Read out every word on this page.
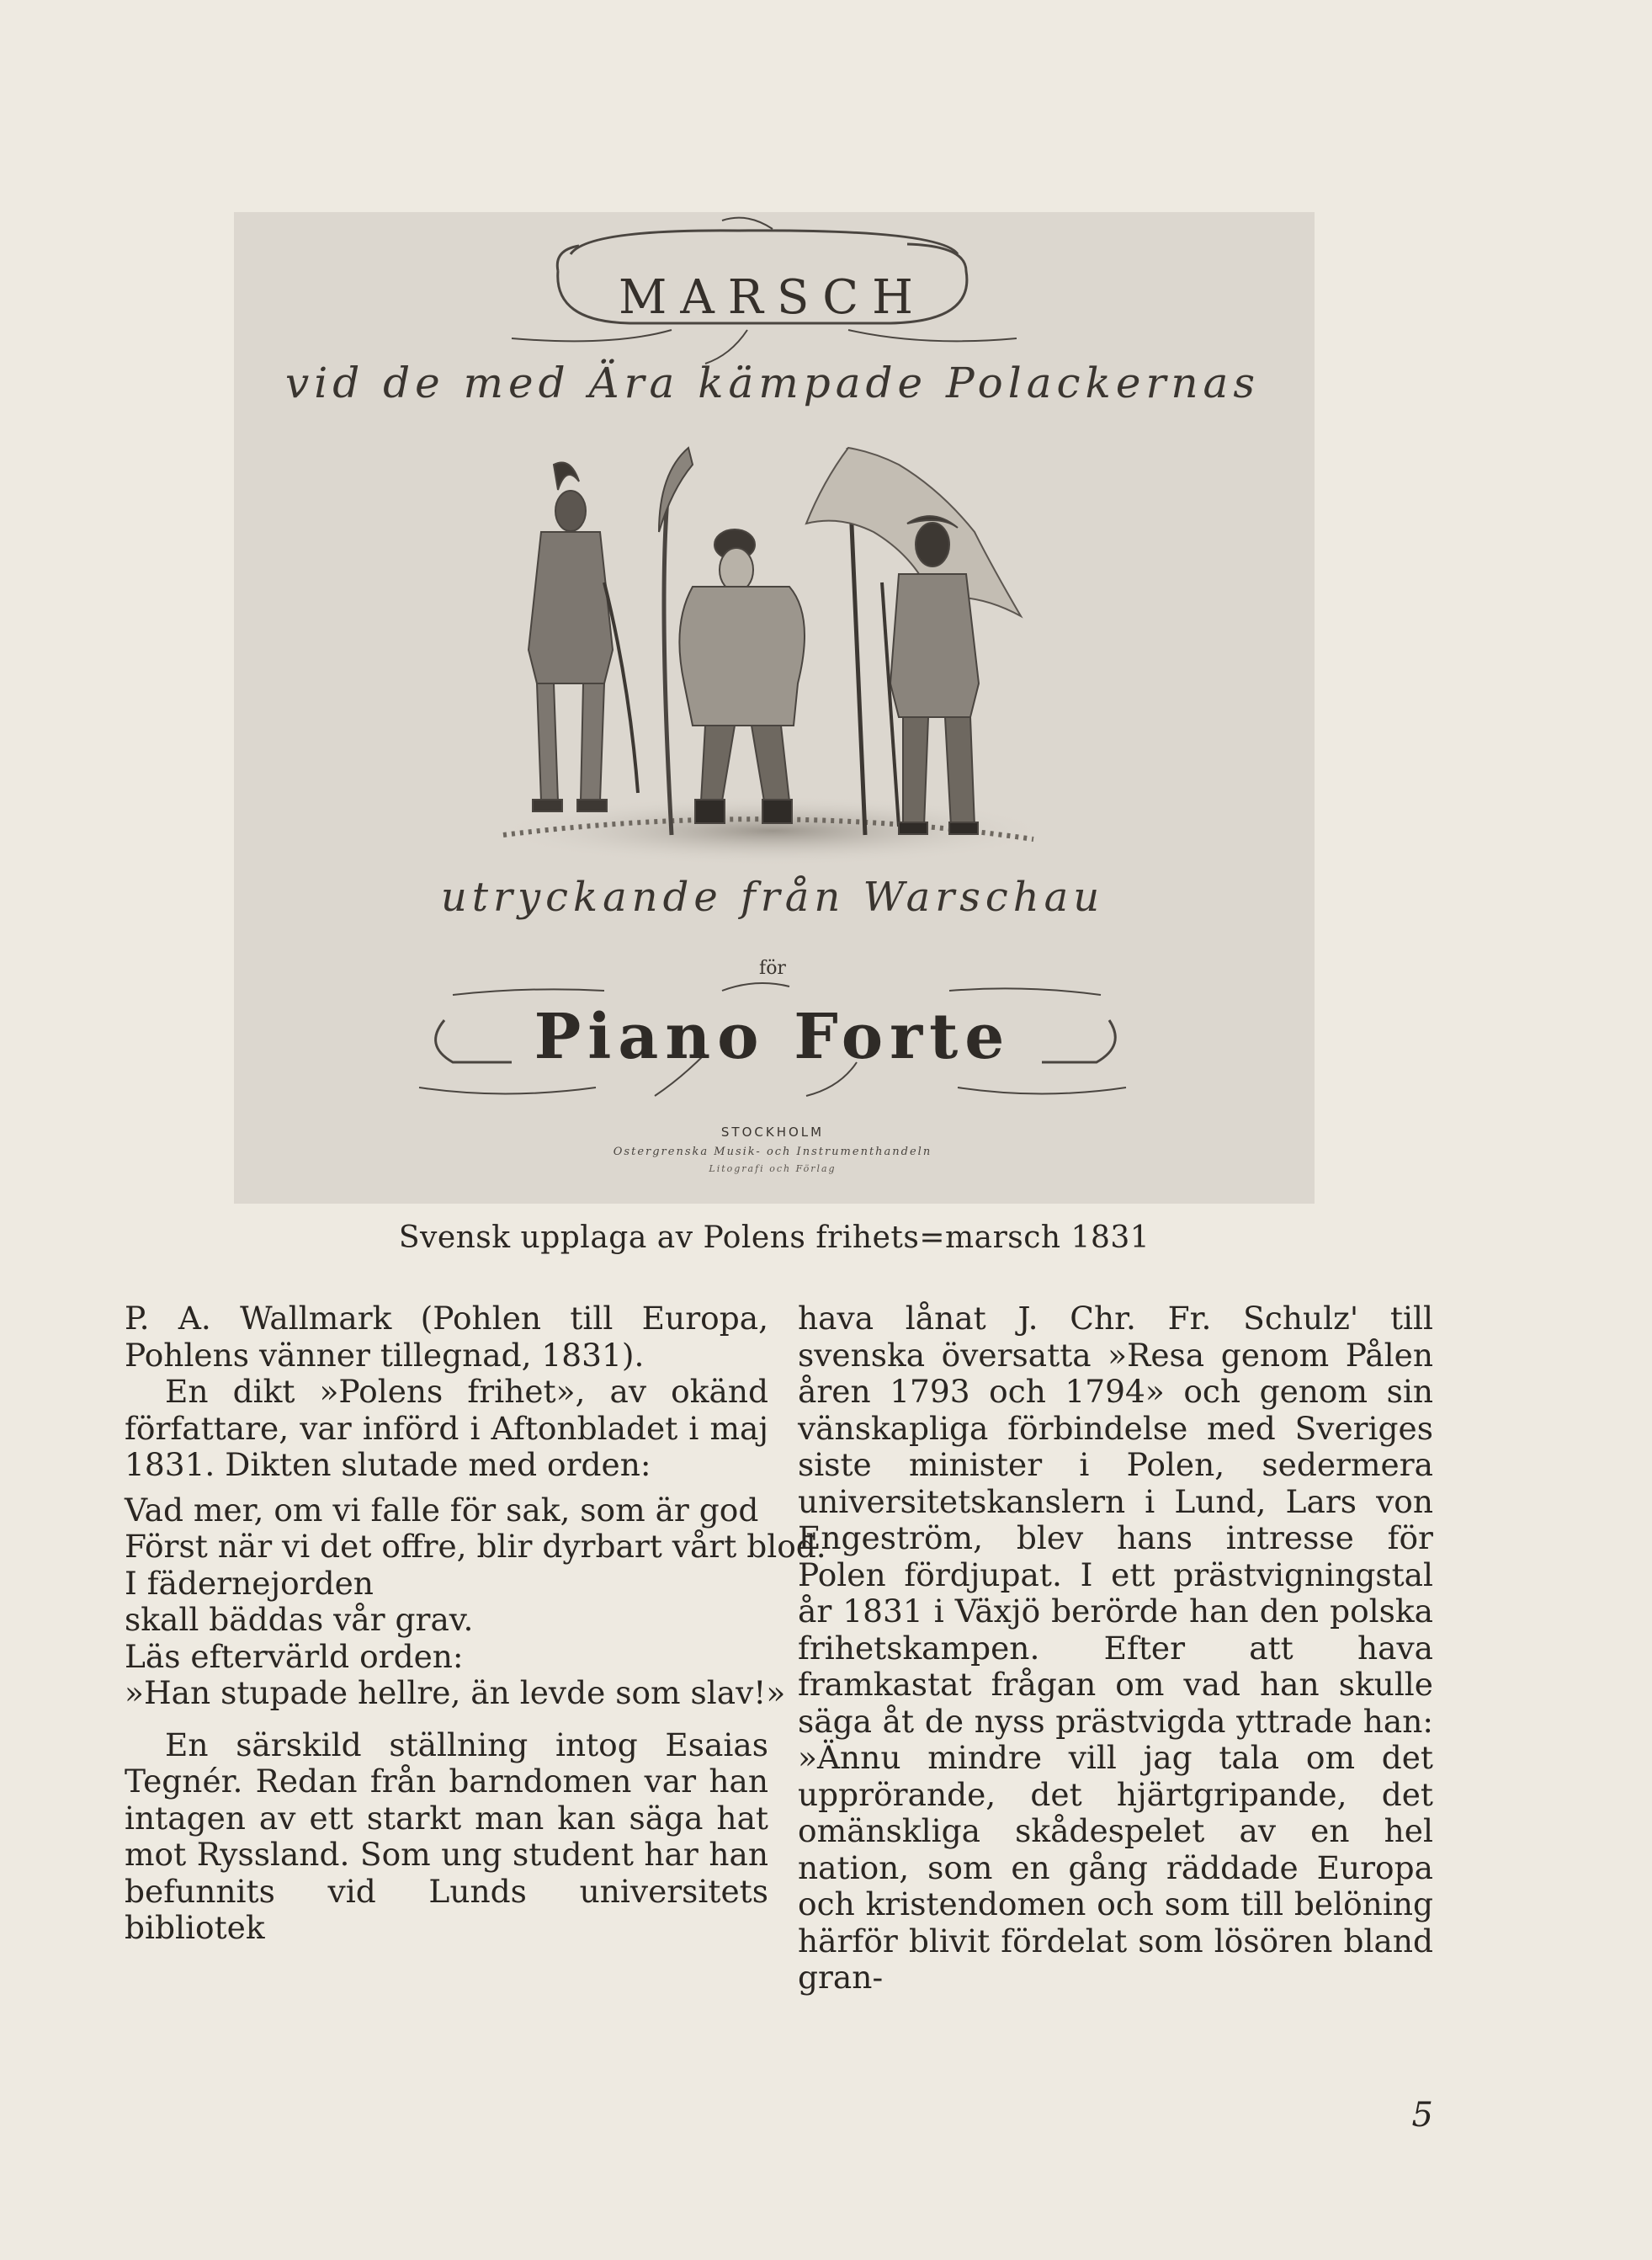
MARSCH
vid de med Ära kämpade Polackernas
utryckande från Warschau
för
Piano Forte
STOCKHOLM
Ostergrenska Musik- och Instrumenthandeln
Litografi och Förlag
Svensk upplaga av Polens frihets=marsch 1831

P. A. Wallmark (Pohlen till Europa, Pohlens vänner tillegnad, 1831).

En dikt »Polens frihet», av okänd författare, var införd i Aftonbladet i maj 1831. Dikten slutade med orden:

Vad mer, om vi falle för sak, som är god
Först när vi det offre, blir dyrbart vårt blod.
I fädernejorden
skall bäddas vår grav.
Läs eftervärld orden:
»Han stupade hellre, än levde som slav!»

En särskild ställning intog Esaias Tegnér. Redan från barndomen var han intagen av ett starkt man kan säga hat mot Ryssland. Som ung student har han befunnits vid Lunds universitets bibliotek

hava lånat J. Chr. Fr. Schulz' till svenska översatta »Resa genom Pålen åren 1793 och 1794» och genom sin vänskapliga förbindelse med Sveriges siste minister i Polen, sedermera universitetskanslern i Lund, Lars von Engeström, blev hans intresse för Polen fördjupat. I ett prästvigningstal år 1831 i Växjö berörde han den polska frihetskampen. Efter att hava framkastat frågan om vad han skulle säga åt de nyss prästvigda yttrade han: »Ännu mindre vill jag tala om det upprörande, det hjärtgripande, det omänskliga skådespelet av en hel nation, som en gång räddade Europa och kristendomen och som till belöning härför blivit fördelat som lösören bland gran-

5
